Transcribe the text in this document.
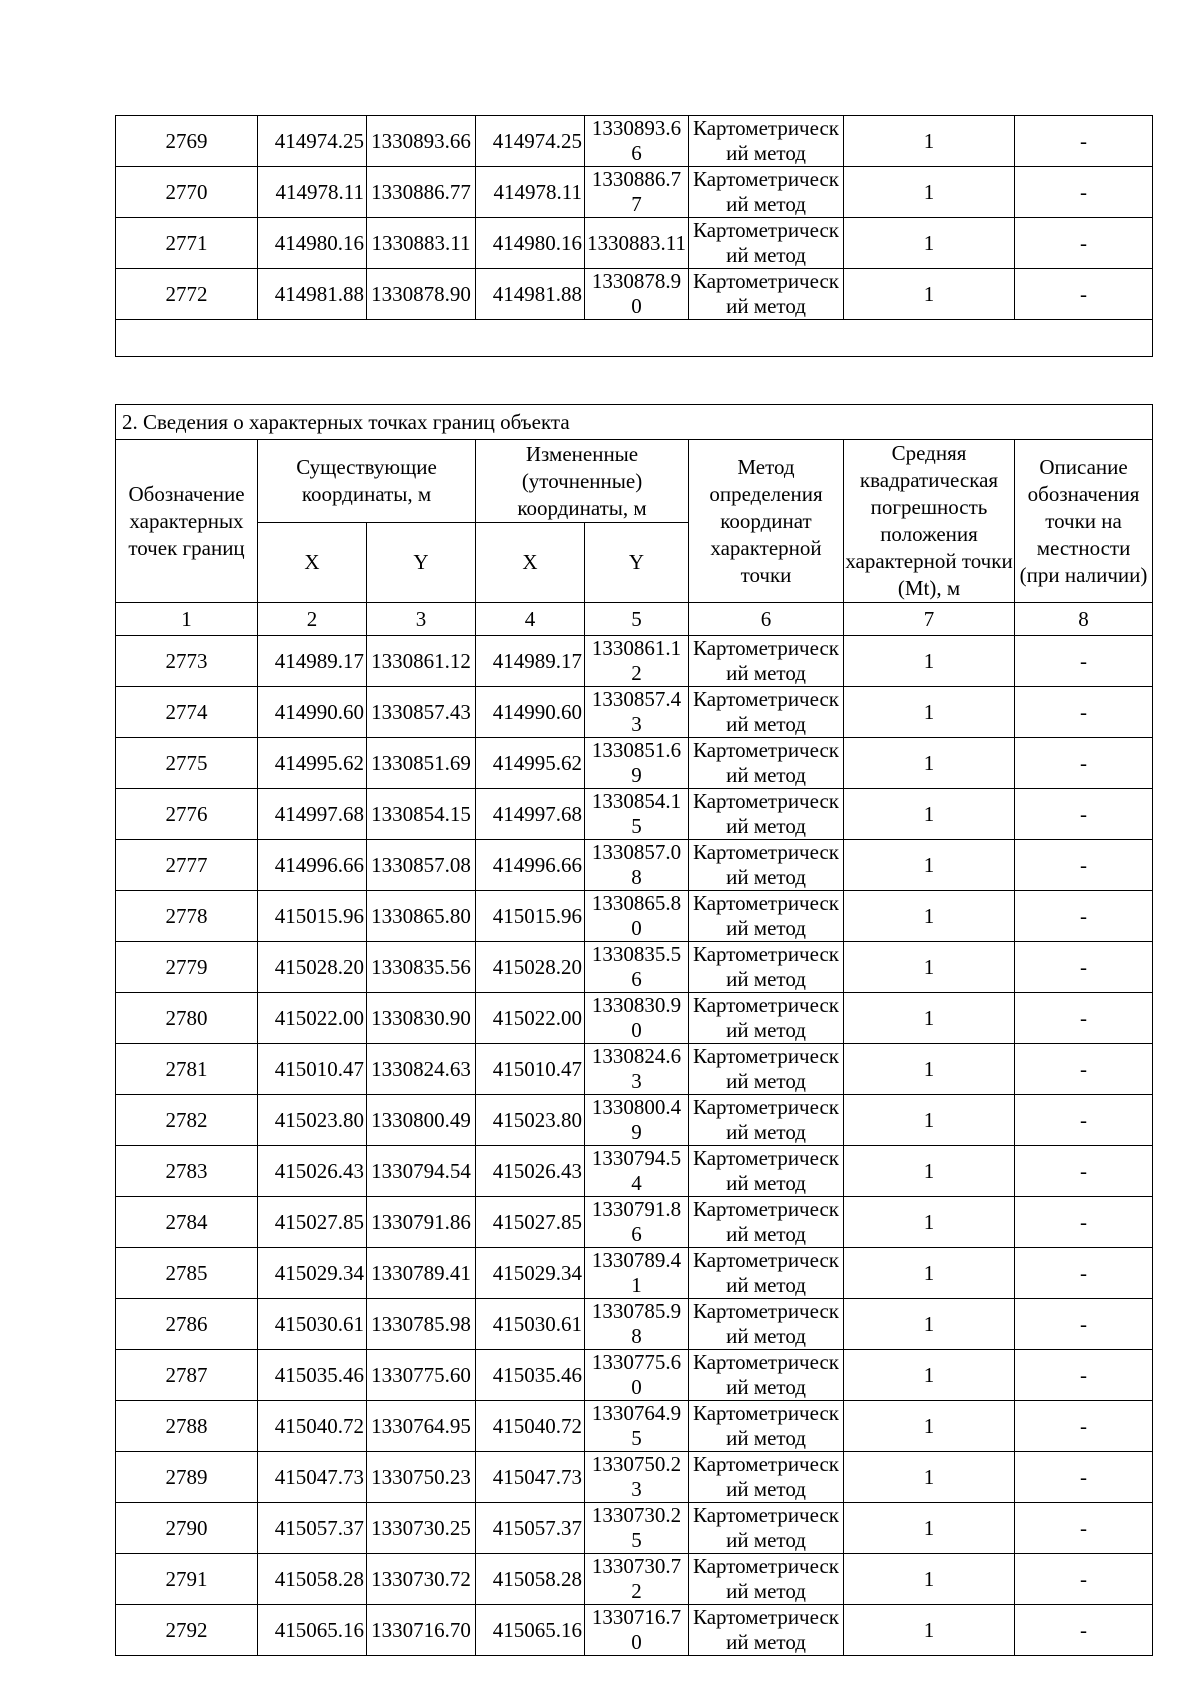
2769	414974.25	1330893.66	414974.25	1330893.66	Картометрический метод	1	-
2770	414978.11	1330886.77	414978.11	1330886.77	Картометрический метод	1	-
2771	414980.16	1330883.11	414980.16	1330883.11	Картометрический метод	1	-
2772	414981.88	1330878.90	414981.88	1330878.90	Картометрический метод	1	-

2. Сведения о характерных точках границ объекта							
Обозначение характерных точек границ	Существующие координаты, м		Измененные (уточненные) координаты, м		Метод определения координат характерной точки	Средняя квадратическая погрешность положения характерной точки (Mt), м	Описание обозначения точки на местности (при наличии)
	X	Y	X	Y			
1	2	3	4	5	6	7	8
2773	414989.17	1330861.12	414989.17	1330861.12	Картометрический метод	1	-
2774	414990.60	1330857.43	414990.60	1330857.43	Картометрический метод	1	-
2775	414995.62	1330851.69	414995.62	1330851.69	Картометрический метод	1	-
2776	414997.68	1330854.15	414997.68	1330854.15	Картометрический метод	1	-
2777	414996.66	1330857.08	414996.66	1330857.08	Картометрический метод	1	-
2778	415015.96	1330865.80	415015.96	1330865.80	Картометрический метод	1	-
2779	415028.20	1330835.56	415028.20	1330835.56	Картометрический метод	1	-
2780	415022.00	1330830.90	415022.00	1330830.90	Картометрический метод	1	-
2781	415010.47	1330824.63	415010.47	1330824.63	Картометрический метод	1	-
2782	415023.80	1330800.49	415023.80	1330800.49	Картометрический метод	1	-
2783	415026.43	1330794.54	415026.43	1330794.54	Картометрический метод	1	-
2784	415027.85	1330791.86	415027.85	1330791.86	Картометрический метод	1	-
2785	415029.34	1330789.41	415029.34	1330789.41	Картометрический метод	1	-
2786	415030.61	1330785.98	415030.61	1330785.98	Картометрический метод	1	-
2787	415035.46	1330775.60	415035.46	1330775.60	Картометрический метод	1	-
2788	415040.72	1330764.95	415040.72	1330764.95	Картометрический метод	1	-
2789	415047.73	1330750.23	415047.73	1330750.23	Картометрический метод	1	-
2790	415057.37	1330730.25	415057.37	1330730.25	Картометрический метод	1	-
2791	415058.28	1330730.72	415058.28	1330730.72	Картометрический метод	1	-
2792	415065.16	1330716.70	415065.16	1330716.70	Картометрический метод	1	-
